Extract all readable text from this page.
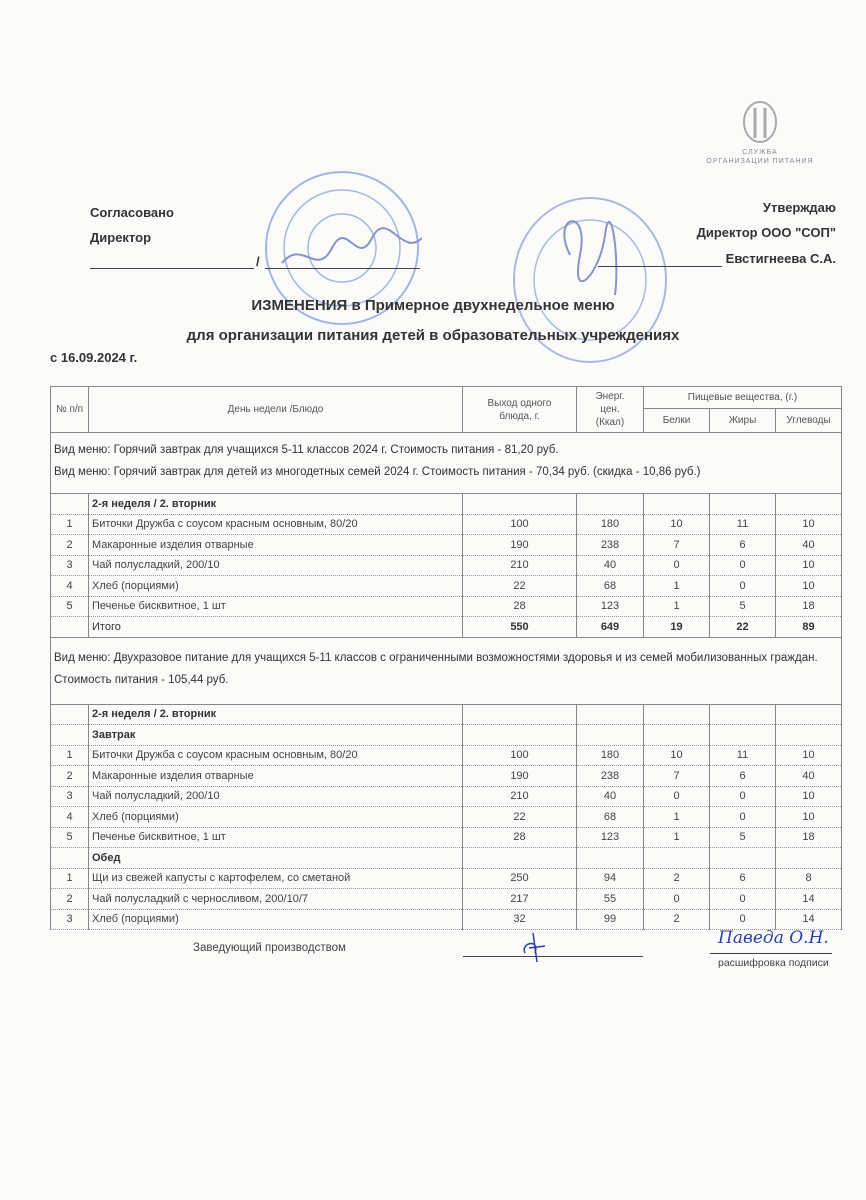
СЛУЖБА
ОРГАНИЗАЦИИ ПИТАНИЯ
Согласовано
Директор
/
Утверждаю
Директор ООО "СОП"
Евстигнеева С.А.
ИЗМЕНЕНИЯ в Примерное двухнедельное меню
для организации питания детей в образовательных учреждениях
с 16.09.2024 г.
№ п/п	День недели /Блюдо	Выход одного блюда, г.	Энерг. цен. (Ккал)	Пищевые вещества, (г.)		
				Белки	Жиры	Углеводы

Вид меню: Горячий завтрак для учащихся 5-11 классов 2024 г. Стоимость питания - 81,20 руб.
Вид меню: Горячий завтрак для детей из многодетных семей 2024 г. Стоимость питания - 70,34 руб. (скидка - 10,86 руб.)						

	2-я неделя / 2. вторник					
1	Биточки Дружба с соусом красным основным, 80/20	100	180	10	11	10
2	Макаронные изделия отварные	190	238	7	6	40
3	Чай полусладкий, 200/10	210	40	0	0	10
4	Хлеб (порциями)	22	68	1	0	10
5	Печенье бисквитное, 1 шт	28	123	1	5	18
	Итого	550	649	19	22	89

Вид меню: Двухразовое питание для учащихся 5-11 классов с ограниченными возможностями здоровья и из семей мобилизованных граждан. Стоимость питания - 105,44 руб.						

	2-я неделя / 2. вторник					
	Завтрак					
1	Биточки Дружба с соусом красным основным, 80/20	100	180	10	11	10
2	Макаронные изделия отварные	190	238	7	6	40
3	Чай полусладкий, 200/10	210	40	0	0	10
4	Хлеб (порциями)	22	68	1	0	10
5	Печенье бисквитное, 1 шт	28	123	1	5	18
	Обед					
1	Щи из свежей капусты с картофелем, со сметаной	250	94	2	6	8
2	Чай полусладкий с черносливом, 200/10/7	217	55	0	0	14
3	Хлеб (порциями)	32	99	2	0	14
Заведующий производством	Паведа О.Н.
расшифровка подписи
